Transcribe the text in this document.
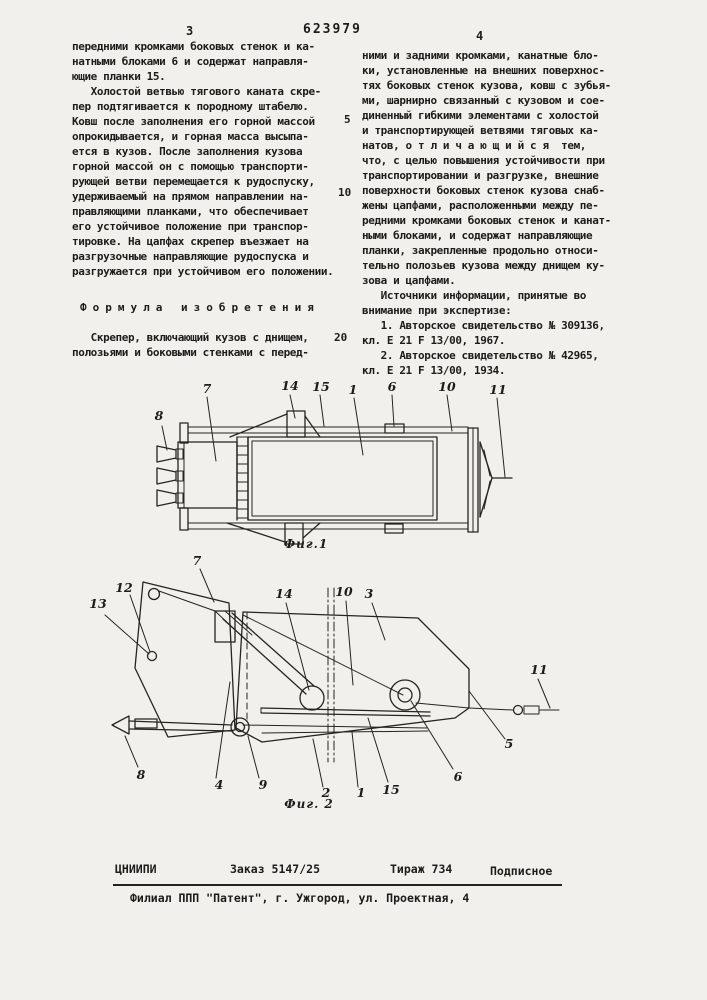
3	623979	4
передними кромками боковых стенок и ка-
натными блоками 6 и содержат направля-
ющие планки 15.
Холостой ветвью тягового каната скре-
пер подтягивается к породному штабелю.
Ковш после заполнения его горной массой
опрокидывается, и горная масса высыпа-
ется в кузов. После заполнения кузова
горной массой он с помощью транспорти-
рующей ветви перемещается к рудоспуску,
удерживаемый на прямом направлении на-
правляющими планками, что обеспечивает
его устойчивое положение при транспор-
тировке. На цапфах скрепер въезжает на
разгрузочные направляющие рудоспуска и
разгружается при устойчивом его положении.
Формула изобретения
Скрепер, включающий кузов с днищем,
полозьями и боковыми стенками с перед-
ними и задними кромками, канатные бло-
ки, установленные на внешних поверхнос-
тях боковых стенок кузова, ковш с зубья-
ми, шарнирно связанный с кузовом и сое-
диненный гибкими элементами с холостой
и транспортирующей ветвями тяговых ка-
натов, о т л и ч а ю щ и й с я  тем,
что, с целью повышения устойчивости при
транспортировании и разгрузке, внешние
поверхности боковых стенок кузова снаб-
жены цапфами, расположенными между пе-
редними кромками боковых стенок и канат-
ными блоками, и содержат направляющие
планки, закрепленные продольно относи-
тельно полозьев кузова между днищем ку-
зова и цапфами.
Источники информации, принятые во
внимание при экспертизе:
1. Авторское свидетельство № 309136,
кл. Е 21 F 13/00, 1967.
2. Авторское свидетельство № 42965,
кл. Е 21 F 13/00, 1934.
5
10
20
8
7	14 15 1 6	10	11
Фиг.1
7
12
13
14	10 3
11
5
6
15
1
2
9
4
8
Фиг. 2
ЦНИИПИ	Заказ 5147/25	Тираж 734	Подписное
Филиал ППП "Патент", г. Ужгород, ул. Проектная, 4
